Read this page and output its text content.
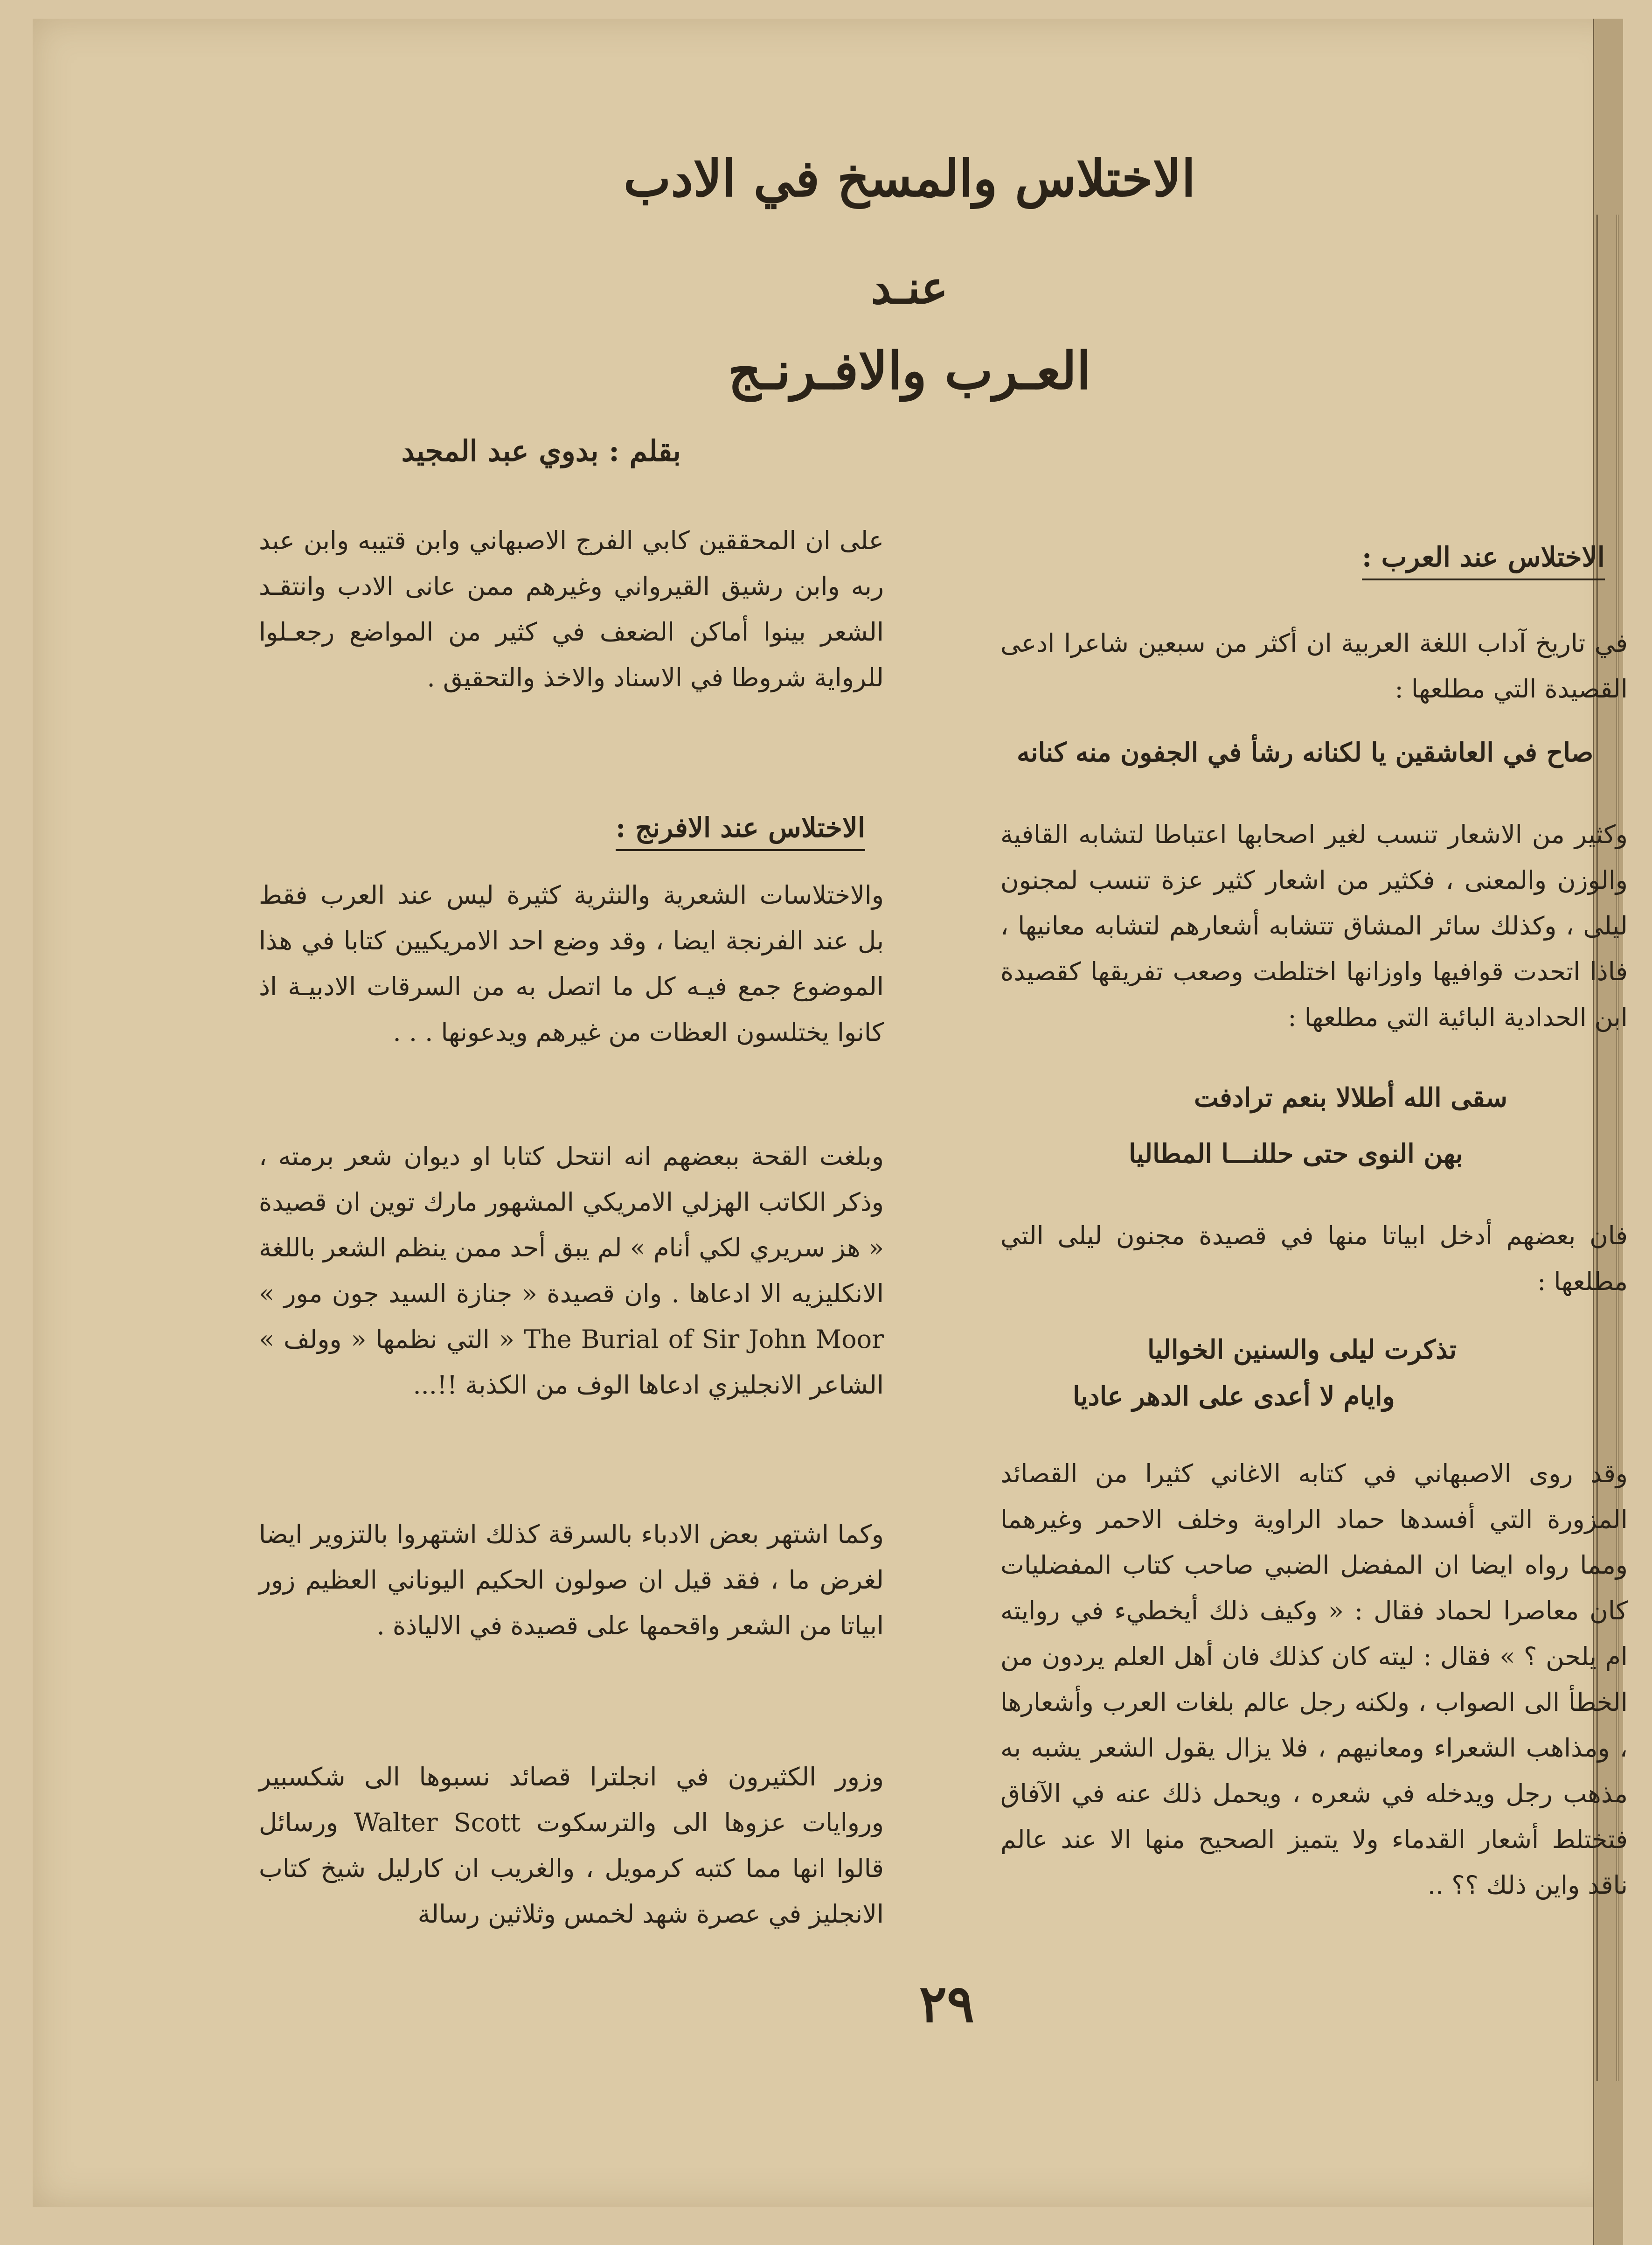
الاختلاس والمسخ في الادب
عنـد
العـرب والافـرنـج
بقلم : بدوي عبد المجيد
على ان المحققين كابي الفرج الاصبهاني وابن قتيبه وابن عبد ربه وابن رشيق القيرواني وغيرهم ممن عانى الادب وانتقـد الشعر بينوا أماكن الضعف في كثير من المواضع رجعـلوا للرواية شروطا في الاسناد والاخذ والتحقيق .
الاختلاس عند الافرنج :
والاختلاسات الشعرية والنثرية كثيرة ليس عند العرب فقط بل عند الفرنجة ايضا ، وقد وضع احد الامريكيين كتابا في هذا الموضوع جمع فيـه كل ما اتصل به من السرقات الادبيـة اذ كانوا يختلسون العظات من غيرهم ويدعونها . . .
وبلغت القحة ببعضهم انه انتحل كتابا او ديوان شعر برمته ، وذكر الكاتب الهزلي الامريكي المشهور مارك توين ان قصيدة « هز سريري لكي أنام » لم يبق أحد ممن ينظم الشعر باللغة الانكليزيه الا ادعاها . وان قصيدة « جنازة السيد جون مور » The Burial of Sir John Moor « التي نظمها « وولف » الشاعر الانجليزي ادعاها الوف من الكذبة !!...
وكما اشتهر بعض الادباء بالسرقة كذلك اشتهروا بالتزوير ايضا لغرض ما ، فقد قيل ان صولون الحكيم اليوناني العظيم زور ابياتا من الشعر واقحمها على قصيدة في الالياذة .
وزور الكثيرون في انجلترا قصائد نسبوها الى شكسبير وروايات عزوها الى والترسكوت Walter Scott ورسائل قالوا انها مما كتبه كرمويل ، والغريب ان كارليل شيخ كتاب الانجليز في عصرة شهد لخمس وثلاثين رسالة
الاختلاس عند العرب :
في تاريخ آداب اللغة العربية ان أكثر من سبعين شاعرا ادعى القصيدة التي مطلعها :
صاح في العاشقين يا لكنانه رشأ في الجفون منه كنانه
وكثير من الاشعار تنسب لغير اصحابها اعتباطا لتشابه القافية والوزن والمعنى ، فكثير من اشعار كثير عزة تنسب لمجنون ليلى ، وكذلك سائر المشاق تتشابه أشعارهم لتشابه معانيها ، فاذا اتحدت قوافيها واوزانها اختلطت وصعب تفريقها كقصيدة ابن الحدادية البائية التي مطلعها :
سقى الله أطلالا بنعم ترادفت
بهن النوى حتى حللنـــا المطاليا
فان بعضهم أدخل ابياتا منها في قصيدة مجنون ليلى التي مطلعها :
تذكرت ليلى والسنين الخواليا
وايام لا أعدى على الدهر عاديا
وقد روى الاصبهاني في كتابه الاغاني كثيرا من القصائد المزورة التي أفسدها حماد الراوية وخلف الاحمر وغيرهما ومما رواه ايضا ان المفضل الضبي صاحب كتاب المفضليات كان معاصرا لحماد فقال : « وكيف ذلك أيخطيء في روايته ام يلحن ؟ » فقال : ليته كان كذلك فان أهل العلم يردون من الخطأ الى الصواب ، ولكنه رجل عالم بلغات العرب وأشعارها ، ومذاهب الشعراء ومعانيهم ، فلا يزال يقول الشعر يشبه به مذهب رجل ويدخله في شعره ، ويحمل ذلك عنه في الآفاق فتختلط أشعار القدماء ولا يتميز الصحيح منها الا عند عالم ناقد واين ذلك ؟؟ ..
٢٩
